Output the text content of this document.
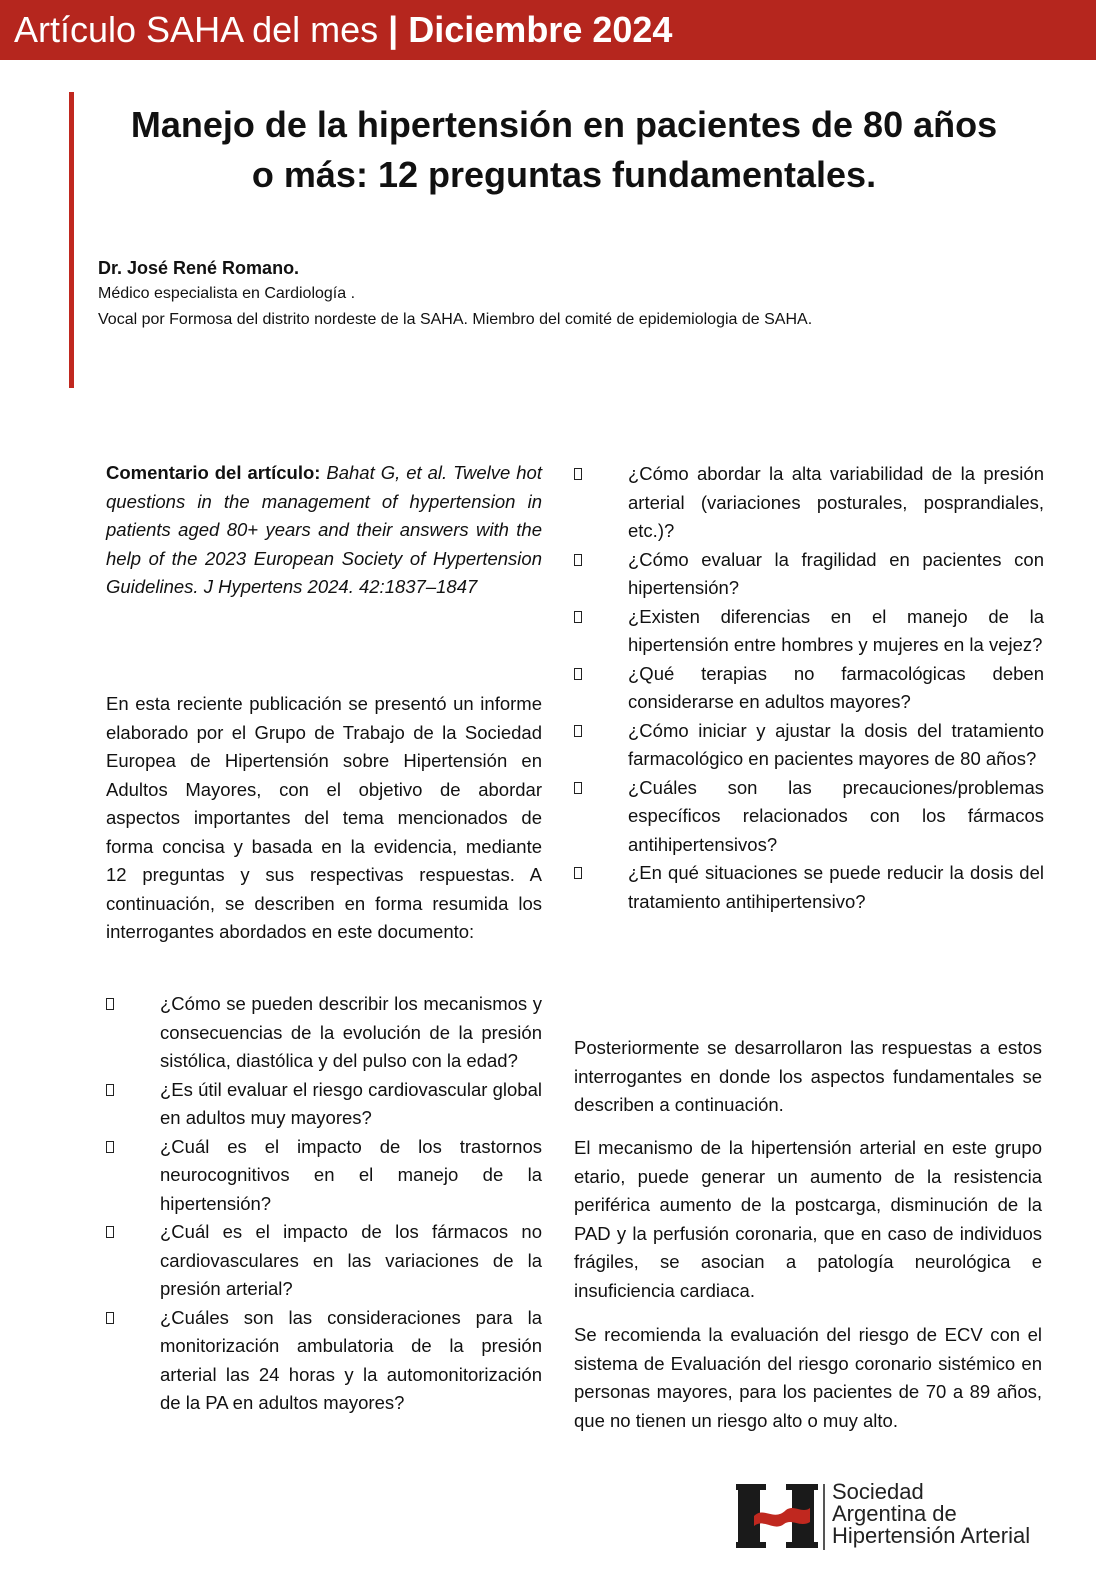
Artículo SAHA del mes | Diciembre 2024
Manejo de la hipertensión en pacientes de 80 años
o más: 12 preguntas fundamentales.
Dr. José René Romano.
Médico especialista en Cardiología .
Vocal por Formosa del distrito nordeste de la SAHA. Miembro del comité de epidemiologia de SAHA.
Comentario del artículo: Bahat G, et al. Twelve hot questions in the management of hypertension in patients aged 80+ years and their answers with the help of the 2023 European Society of Hypertension Guidelines. J Hypertens 2024. 42:1837–1847
En esta reciente publicación se presentó un informe elaborado por el Grupo de Trabajo de la Sociedad Europea de Hipertensión sobre Hipertensión en Adultos Mayores, con el objetivo de abordar aspectos importantes del tema mencionados de forma concisa y basada en la evidencia, mediante 12 preguntas y sus respectivas respuestas. A continuación, se describen en forma resumida los interrogantes abordados en este documento:
¿Cómo se pueden describir los mecanismos y consecuencias de la evolución de la presión sistólica, diastólica y del pulso con la edad?
¿Es útil evaluar el riesgo cardiovascular global en adultos muy mayores?
¿Cuál es el impacto de los trastornos neurocognitivos en el manejo de la hipertensión?
¿Cuál es el impacto de los fármacos no cardiovasculares en las variaciones de la presión arterial?
¿Cuáles son las consideraciones para la monitorización ambulatoria de la presión arterial las 24 horas y la automonitorización de la PA en adultos mayores?
¿Cómo abordar la alta variabilidad de la presión arterial (variaciones posturales, posprandiales, etc.)?
¿Cómo evaluar la fragilidad en pacientes con hipertensión?
¿Existen diferencias en el manejo de la hipertensión entre hombres y mujeres en la vejez?
¿Qué terapias no farmacológicas deben considerarse en adultos mayores?
¿Cómo iniciar y ajustar la dosis del tratamiento farmacológico en pacientes mayores de 80 años?
¿Cuáles son las precauciones/problemas específicos relacionados con los fármacos antihipertensivos?
¿En qué situaciones se puede reducir la dosis del tratamiento antihipertensivo?
Posteriormente se desarrollaron las respuestas a estos interrogantes en donde los aspectos fundamentales se describen a continuación.
El mecanismo de la hipertensión arterial en este grupo etario, puede generar un aumento de la resistencia periférica aumento de la postcarga, disminución de la PAD y la perfusión coronaria, que en caso de individuos frágiles, se asocian a patología neurológica e insuficiencia cardiaca.
Se recomienda la evaluación del riesgo de ECV con el sistema de Evaluación del riesgo coronario sistémico en personas mayores, para los pacientes de 70 a 89 años, que no tienen un riesgo alto o muy alto.
Sociedad
Argentina de
Hipertensión Arterial
